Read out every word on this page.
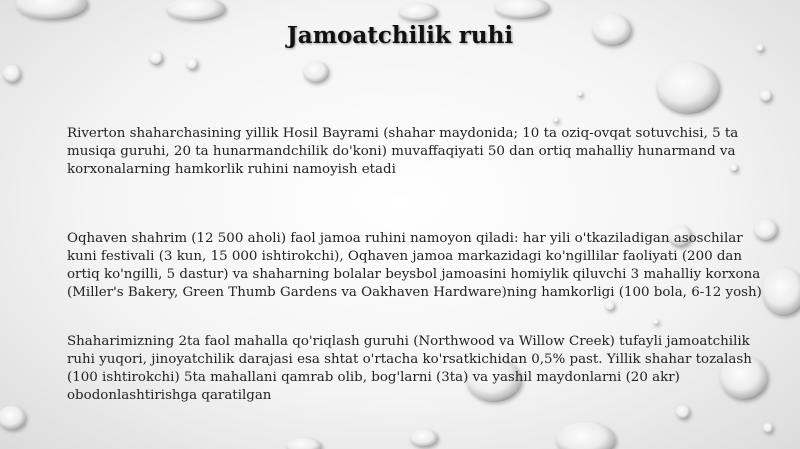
Jamoatchilik ruhi

Riverton shaharchasining yillik Hosil Bayrami (shahar maydonida; 10 ta oziq-ovqat sotuvchisi, 5 ta musiqa guruhi, 20 ta hunarmandchilik do'koni) muvaffaqiyati 50 dan ortiq mahalliy hunarmand va korxonalarning hamkorlik ruhini namoyish etadi

Oqhaven shahrim (12 500 aholi) faol jamoa ruhini namoyon qiladi: har yili o'tkaziladigan asoschilar kuni festivali (3 kun, 15 000 ishtirokchi), Oqhaven jamoa markazidagi ko'ngillilar faoliyati (200 dan ortiq ko'ngilli, 5 dastur) va shaharning bolalar beysbol jamoasini homiylik qiluvchi 3 mahalliy korxona (Miller's Bakery, Green Thumb Gardens va Oakhaven Hardware)ning hamkorligi (100 bola, 6-12 yosh)

Shaharimizning 2ta faol mahalla qo'riqlash guruhi (Northwood va Willow Creek) tufayli jamoatchilik ruhi yuqori, jinoyatchilik darajasi esa shtat o'rtacha ko'rsatkichidan 0,5% past. Yillik shahar tozalash (100 ishtirokchi) 5ta mahallani qamrab olib, bog'larni (3ta) va yashil maydonlarni (20 akr) obodonlashtirishga qaratilgan
